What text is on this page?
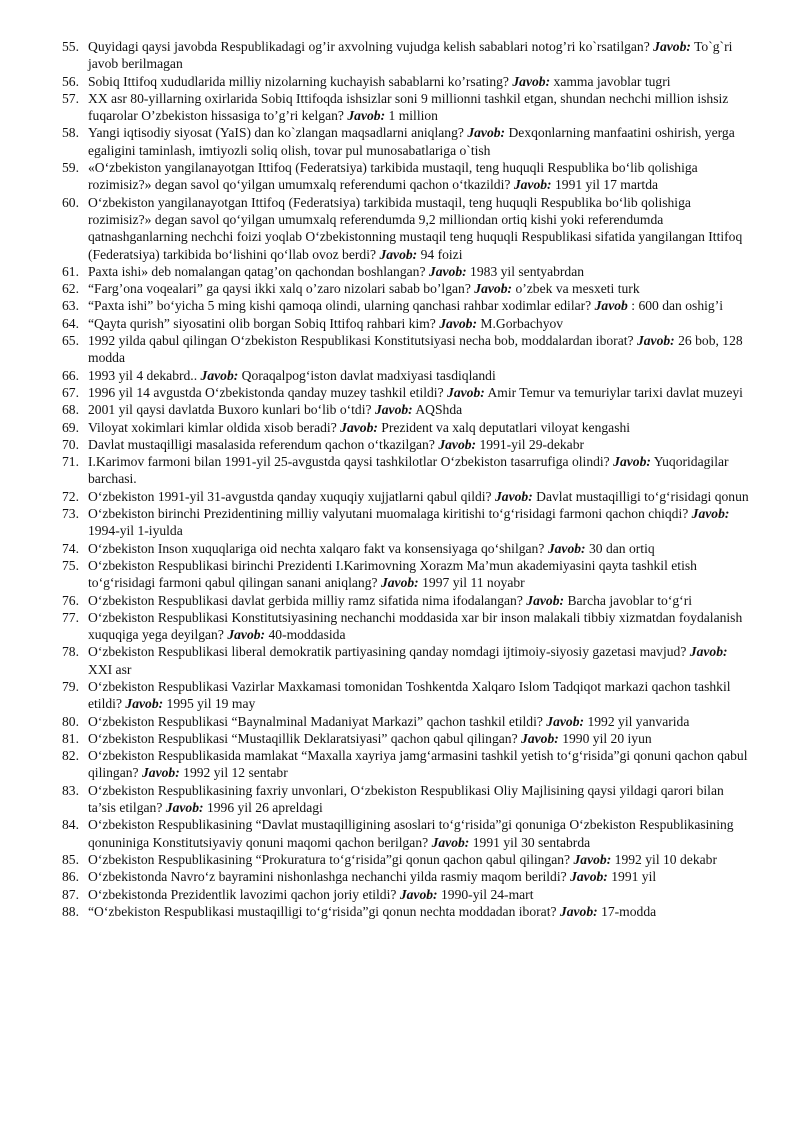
55. Quyidagi qaysi javobda Respublikadagi og’ir axvolning vujudga kelish sabablari notog’ri ko`rsatilgan? Javob: To`g`ri javob berilmagan
56. Sobiq Ittifoq xududlarida milliy nizolarning kuchayish sabablarni ko’rsating? Javob: xamma javoblar tugri
57. XX asr 80-yillarning oxirlarida Sobiq Ittifoqda ishsizlar soni 9 millionni tashkil etgan, shundan nechchi million ishsiz fuqarolar O’zbekiston hissasiga to’g’ri kelgan? Javob: 1 million
58. Yangi iqtisodiy siyosat (YaIS) dan ko`zlangan maqsadlarni aniqlang? Javob: Dexqonlarning manfaatini oshirish, yerga egaligini taminlash, imtiyozli soliq olish, tovar pul munosabatlariga o`tish
59. «O‘zbekiston yangilanayotgan Ittifoq (Federatsiya) tarkibida mustaqil, teng huquqli Respublika bo‘lib qolishiga rozimisiz?» degan savol qo‘yilgan umumxalq referendumi qachon o‘tkazildi? Javob: 1991 yil 17 martda
60. O‘zbekiston yangilanayotgan Ittifoq (Federatsiya) tarkibida mustaqil, teng huquqli Respublika bo‘lib qolishiga rozimisiz?» degan savol qo‘yilgan umumxalq referendumda 9,2 milliondan ortiq kishi yoki referendumda qatnashganlarning nechchi foizi yoqlab O‘zbekistonning mustaqil teng huquqli Respublikasi sifatida yangilangan Ittifoq (Federatsiya) tarkibida bo‘lishini qo‘llab ovoz berdi? Javob: 94 foizi
61. Paxta ishi» deb nomalangan qatag’on qachondan boshlangan? Javob: 1983 yil sentyabrdan
62. “Farg’ona voqealari” ga qaysi ikki xalq o’zaro nizolari sabab bo’lgan? Javob: o’zbek va mesxeti turk
63. “Paxta ishi” bo‘yicha 5 ming kishi qamoqa olindi, ularning qanchasi rahbar xodimlar edilar? Javob : 600 dan oshig’i
64. “Qayta qurish” siyosatini olib borgan Sobiq Ittifoq rahbari kim? Javob: M.Gorbachyov
65. 1992 yilda qabul qilingan O‘zbekiston Respublikasi Konstitutsiyasi necha bob, moddalardan iborat? Javob: 26 bob, 128 modda
66. 1993 yil 4 dekabrd.. Javob: Qoraqalpog‘iston davlat madxiyasi tasdiqlandi
67. 1996 yil 14 avgustda O‘zbekistonda qanday muzey tashkil etildi? Javob: Amir Temur va temuriylar tarixi davlat muzeyi
68. 2001 yil qaysi davlatda Buxoro kunlari bo‘lib o‘tdi? Javob: AQShda
69. Viloyat xokimlari kimlar oldida xisob beradi? Javob: Prezident va xalq deputatlari viloyat kengashi
70. Davlat mustaqilligi masalasida referendum qachon o‘tkazilgan? Javob: 1991-yil 29-dekabr
71. I.Karimov farmoni bilan 1991-yil 25-avgustda qaysi tashkilotlar O‘zbekiston tasarrufiga olindi? Javob: Yuqoridagilar barchasi.
72. O‘zbekiston 1991-yil 31-avgustda qanday xuquqiy xujjatlarni qabul qildi? Javob: Davlat mustaqilligi to‘g‘risidagi qonun
73. O‘zbekiston birinchi Prezidentining milliy valyutani muomalaga kiritishi to‘g‘risidagi farmoni qachon chiqdi? Javob: 1994-yil 1-iyulda
74. O‘zbekiston Inson xuquqlariga oid nechta xalqaro fakt va konsensiyaga qo‘shilgan? Javob: 30 dan ortiq
75. O‘zbekiston Respublikasi birinchi Prezidenti I.Karimovning Xorazm Ma’mun akademiyasini qayta tashkil etish to‘g‘risidagi farmoni qabul qilingan sanani aniqlang? Javob: 1997 yil 11 noyabr
76. O‘zbekiston Respublikasi davlat gerbida milliy ramz sifatida nima ifodalangan? Javob: Barcha javoblar to‘g‘ri
77. O‘zbekiston Respublikasi Konstitutsiyasining nechanchi moddasida xar bir inson malakali tibbiy xizmatdan foydalanish xuquqiga yega deyilgan? Javob: 40-moddasida
78. O‘zbekiston Respublikasi liberal demokratik partiyasining qanday nomdagi ijtimoiy-siyosiy gazetasi mavjud? Javob: XXI asr
79. O‘zbekiston Respublikasi Vazirlar Maxkamasi tomonidan Toshkentda Xalqaro Islom Tadqiqot markazi qachon tashkil etildi? Javob: 1995 yil 19 may
80. O‘zbekiston Respublikasi “Baynalminal Madaniyat Markazi” qachon tashkil etildi? Javob: 1992 yil yanvarida
81. O‘zbekiston Respublikasi “Mustaqillik Deklaratsiyasi” qachon qabul qilingan? Javob: 1990 yil 20 iyun
82. O‘zbekiston Respublikasida mamlakat “Maxalla xayriya jamg‘armasini tashkil yetish to‘g‘risida”gi qonuni qachon qabul qilingan? Javob: 1992 yil 12 sentabr
83. O‘zbekiston Respublikasining faxriy unvonlari, O‘zbekiston Respublikasi Oliy Majlisining qaysi yildagi qarori bilan ta’sis etilgan? Javob: 1996 yil 26 apreldagi
84. O‘zbekiston Respublikasining “Davlat mustaqilligining asoslari to‘g‘risida”gi qonuniga O‘zbekiston Respublikasining qonuniniga Konstitutsiyaviy qonuni maqomi qachon berilgan? Javob: 1991 yil 30 sentabrda
85. O‘zbekiston Respublikasining “Prokuratura to‘g‘risida”gi qonun qachon qabul qilingan? Javob: 1992 yil 10 dekabr
86. O‘zbekistonda Navro‘z bayramini nishonlashga nechanchi yilda rasmiy maqom berildi? Javob: 1991 yil
87. O‘zbekistonda Prezidentlik lavozimi qachon joriy etildi? Javob: 1990-yil 24-mart
88. “O‘zbekiston Respublikasi mustaqilligi to‘g‘risida”gi qonun nechta moddadan iborat? Javob: 17-modda
